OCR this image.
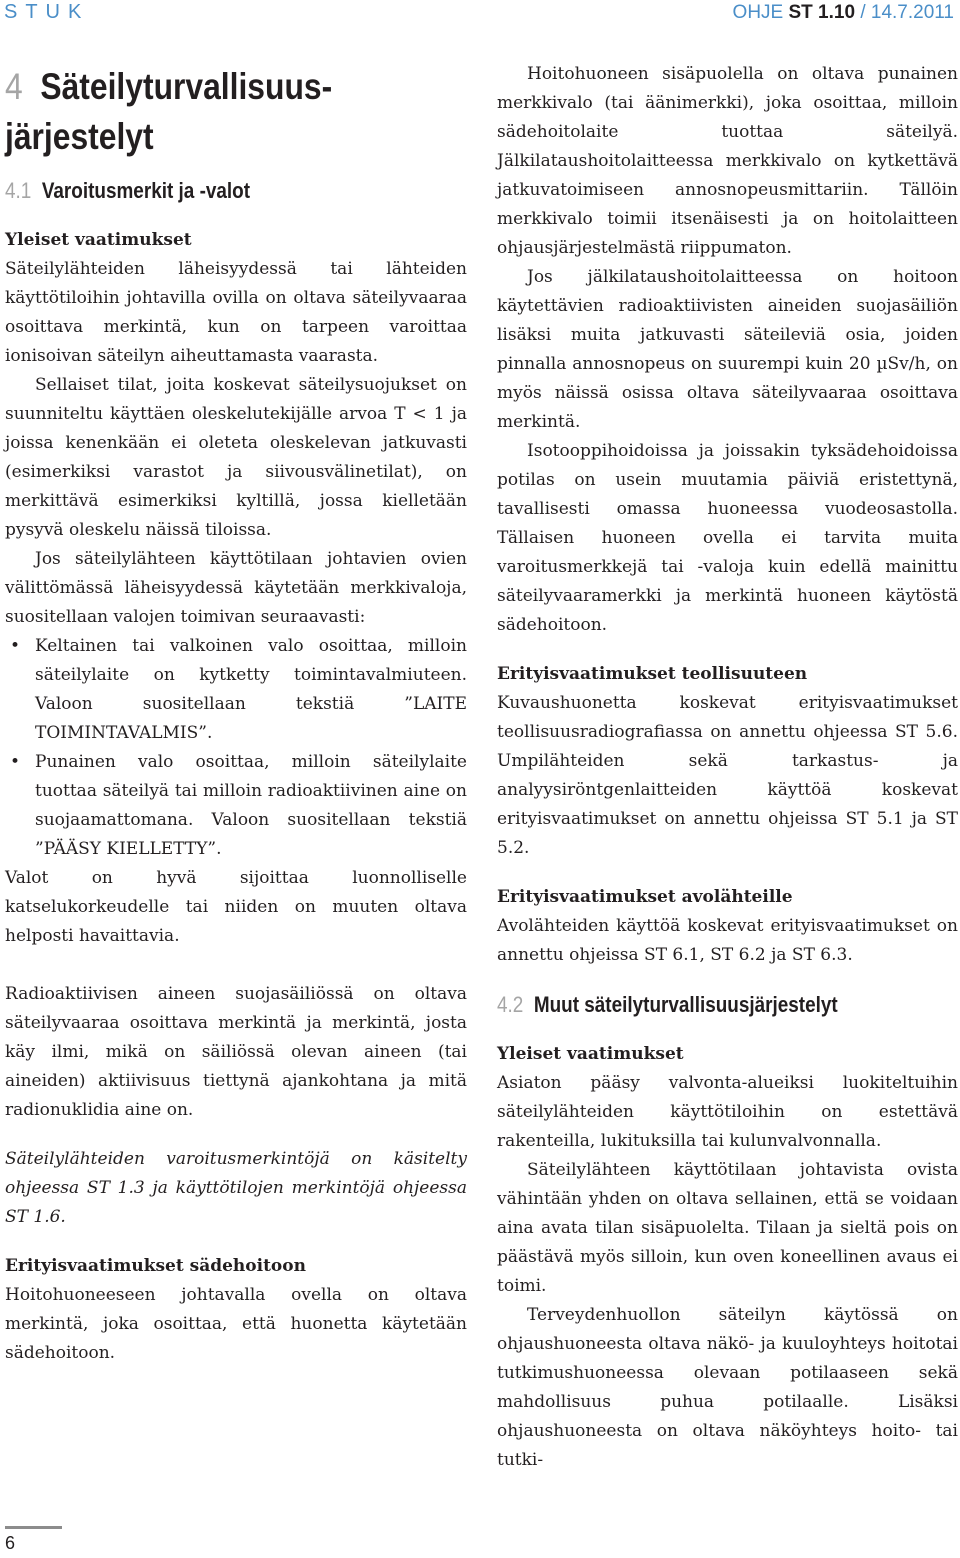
STUK	OHJE ST 1.10 / 14.7.2011
4 Säteilyturvallisuus-
järjestelyt
4.1 Varoitusmerkit ja -valot
Yleiset vaatimukset

Säteilylähteiden läheisyydessä tai lähteiden käyttötiloihin johtavilla ovilla on oltava säteilyvaaraa osoittava merkintä, kun on tarpeen varoittaa ionisoivan säteilyn aiheuttamasta vaarasta.

Sellaiset tilat, joita koskevat säteilysuojukset on suunniteltu käyttäen oleskelutekijälle arvoa T < 1 ja joissa kenenkään ei oleteta oleskelevan jatkuvasti (esimerkiksi varastot ja siivousvälinetilat), on merkittävä esimerkiksi kyltillä, jossa kielletään pysyvä oleskelu näissä tiloissa.

Jos säteilylähteen käyttötilaan johtavien ovien välittömässä läheisyydessä käytetään merkkivaloja, suositellaan valojen toimivan seuraavasti:

• Keltainen tai valkoinen valo osoittaa, milloin säteilylaite on kytketty toimintavalmiuteen. Valoon suositellaan tekstiä ”LAITE TOIMINTAVALMIS”.
• Punainen valo osoittaa, milloin säteilylaite tuottaa säteilyä tai milloin radioaktiivinen aine on suojaamattomana. Valoon suositellaan tekstiä ”PÄÄSY KIELLETTY”.

Valot on hyvä sijoittaa luonnolliselle katselukorkeudelle tai niiden on muuten oltava helposti havaittavia.

Radioaktiivisen aineen suojasäiliössä on oltava säteilyvaaraa osoittava merkintä ja merkintä, josta käy ilmi, mikä on säiliössä olevan aineen (tai aineiden) aktiivisuus tiettynä ajankohtana ja mitä radionuklidia aine on.

Säteilylähteiden varoitusmerkintöjä on käsitelty ohjeessa ST 1.3 ja käyttötilojen merkintöjä ohjeessa ST 1.6.

Erityisvaatimukset sädehoitoon

Hoitohuoneeseen johtavalla ovella on oltava merkintä, joka osoittaa, että huonetta käytetään sädehoitoon.

Hoitohuoneen sisäpuolella on oltava punainen merkkivalo (tai äänimerkki), joka osoittaa, milloin sädehoitolaite tuottaa säteilyä. Jälkilataushoitolaitteessa merkkivalo on kytkettävä jatkuvatoimiseen annosnopeusmittariin. Tällöin merkkivalo toimii itsenäisesti ja on hoitolaitteen ohjausjärjestelmästä riippumaton.

Jos jälkilataushoitolaitteessa on hoitoon käytettävien radioaktiivisten aineiden suojasäiliön lisäksi muita jatkuvasti säteileviä osia, joiden pinnalla annosnopeus on suurempi kuin 20 µSv/h, on myös näissä osissa oltava säteilyvaaraa osoittava merkintä.

Isotooppihoidoissa ja joissakin tyksädehoidoissa potilas on usein muutamia päiviä eristettynä, tavallisesti omassa huoneessa vuodeosastolla. Tällaisen huoneen ovella ei tarvita muita varoitusmerkkejä tai -valoja kuin edellä mainittu säteilyvaaramerkki ja merkintä huoneen käytöstä sädehoitoon.

Erityisvaatimukset teollisuuteen

Kuvaushuonetta koskevat erityisvaatimukset teollisuusradiografiassa on annettu ohjeessa ST 5.6. Umpilähteiden sekä tarkastus- ja analyysiröntgenlaitteiden käyttöä koskevat erityisvaatimukset on annettu ohjeissa ST 5.1 ja ST 5.2.

Erityisvaatimukset avolähteille

Avolähteiden käyttöä koskevat erityisvaatimukset on annettu ohjeissa ST 6.1, ST 6.2 ja ST 6.3.

4.2 Muut säteilyturvallisuusjärjestelyt
Yleiset vaatimukset

Asiaton pääsy valvonta-alueiksi luokiteltuihin säteilylähteiden käyttötiloihin on estettävä rakenteilla, lukituksilla tai kulunvalvonnalla.

Säteilylähteen käyttötilaan johtavista ovista vähintään yhden on oltava sellainen, että se voidaan aina avata tilan sisäpuolelta. Tilaan ja sieltä pois on päästävä myös silloin, kun oven koneellinen avaus ei toimi.

Terveydenhuollon säteilyn käytössä on ohjaushuoneesta oltava näkö- ja kuuloyhteys hoitotai tutkimushuoneessa olevaan potilaaseen sekä mahdollisuus puhua potilaalle. Lisäksi ohjaushuoneesta on oltava näköyhteys hoito- tai tutki-

6
